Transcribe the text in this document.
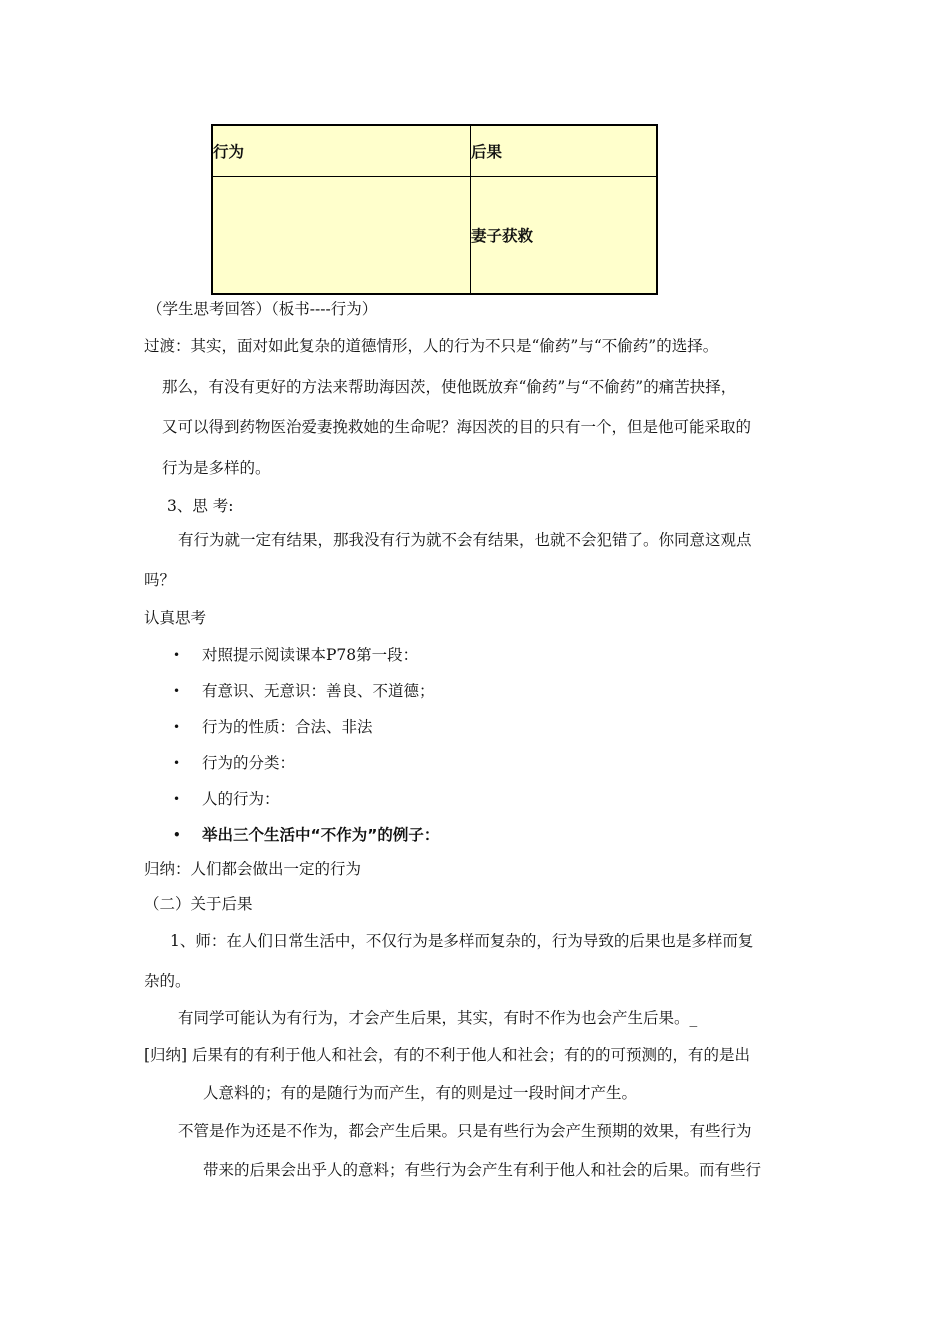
行为	后果
	妻子获救
（学生思考回答）（板书----行为）
过渡：其实，面对如此复杂的道德情形，人的行为不只是“偷药”与“不偷药”的选择。
那么，有没有更好的方法来帮助海因茨，使他既放弃“偷药”与“不偷药”的痛苦抉择，
又可以得到药物医治爱妻挽救她的生命呢？海因茨的目的只有一个，但是他可能采取的
行为是多样的。
3、思 考:
有行为就一定有结果，那我没有行为就不会有结果，也就不会犯错了。你同意这观点
吗？
认真思考
• 对照提示阅读课本P78第一段：
• 有意识、无意识：善良、不道德；
• 行为的性质：合法、非法
• 行为的分类：
• 人的行为：
• 举出三个生活中“不作为”的例子：
归纳：人们都会做出一定的行为
（二）关于后果
1、师：在人们日常生活中，不仅行为是多样而复杂的，行为导致的后果也是多样而复
杂的。
有同学可能认为有行为，才会产生后果，其实，有时不作为也会产生后果。_
[归纳] 后果有的有利于他人和社会，有的不利于他人和社会；有的的可预测的，有的是出
人意料的；有的是随行为而产生，有的则是过一段时间才产生。
不管是作为还是不作为，都会产生后果。只是有些行为会产生预期的效果，有些行为
带来的后果会出乎人的意料；有些行为会产生有利于他人和社会的后果。而有些行
